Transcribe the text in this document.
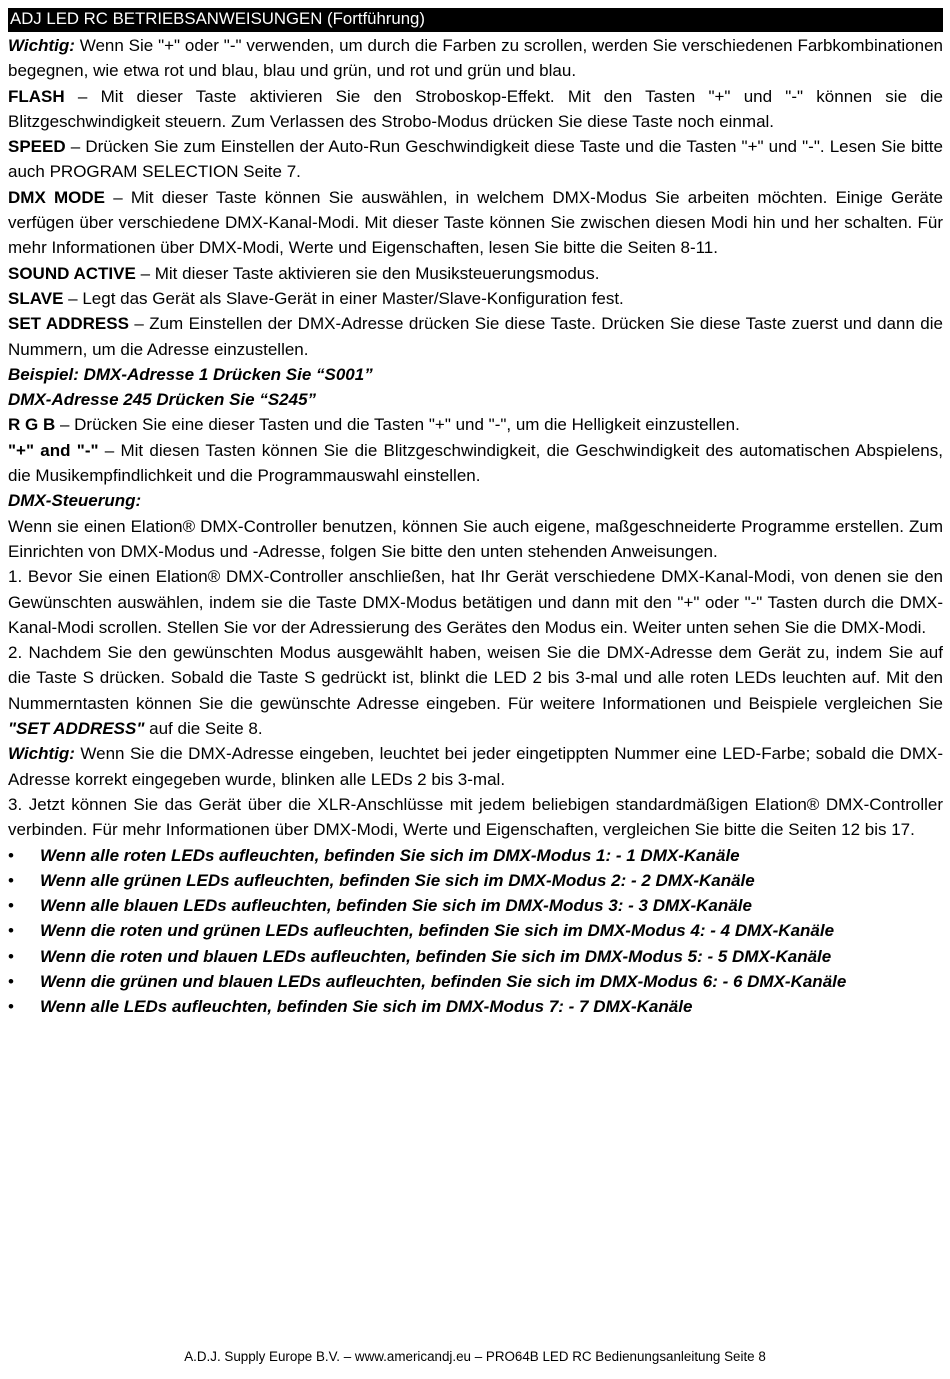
ADJ LED RC BETRIEBSANWEISUNGEN (Fortführung)

Wichtig: Wenn Sie "+" oder "-" verwenden, um durch die Farben zu scrollen, werden Sie verschiedenen Farbkombinationen begegnen, wie etwa rot und blau, blau und grün, und rot und grün und blau.

FLASH – Mit dieser Taste aktivieren Sie den Stroboskop-Effekt. Mit den Tasten "+" und "-" können sie die Blitzgeschwindigkeit steuern. Zum Verlassen des Strobo-Modus drücken Sie diese Taste noch einmal.

SPEED – Drücken Sie zum Einstellen der Auto-Run Geschwindigkeit diese Taste und die Tasten "+" und "-". Lesen Sie bitte auch PROGRAM SELECTION Seite 7.

DMX MODE – Mit dieser Taste können Sie auswählen, in welchem DMX-Modus Sie arbeiten möchten. Einige Geräte verfügen über verschiedene DMX-Kanal-Modi. Mit dieser Taste können Sie zwischen diesen Modi hin und her schalten. Für mehr Informationen über DMX-Modi, Werte und Eigenschaften, lesen Sie bitte die Seiten 8-11.

SOUND ACTIVE – Mit dieser Taste aktivieren sie den Musiksteuerungsmodus.

SLAVE – Legt das Gerät als Slave-Gerät in einer Master/Slave-Konfiguration fest.

SET ADDRESS – Zum Einstellen der DMX-Adresse drücken Sie diese Taste. Drücken Sie diese Taste zuerst und dann die Nummern, um die Adresse einzustellen.

Beispiel: DMX-Adresse 1 Drücken Sie “S001”

DMX-Adresse 245 Drücken Sie “S245”

R G B – Drücken Sie eine dieser Tasten und die Tasten "+" und "-", um die Helligkeit einzustellen.

"+" and "-" – Mit diesen Tasten können Sie die Blitzgeschwindigkeit, die Geschwindigkeit des automatischen Abspielens, die Musikempfindlichkeit und die Programmauswahl einstellen.

DMX-Steuerung:

Wenn sie einen Elation® DMX-Controller benutzen, können Sie auch eigene, maßgeschneiderte Programme erstellen. Zum Einrichten von DMX-Modus und -Adresse, folgen Sie bitte den unten stehenden Anweisungen.

1. Bevor Sie einen Elation® DMX-Controller anschließen, hat Ihr Gerät verschiedene DMX-Kanal-Modi, von denen sie den Gewünschten auswählen, indem sie die Taste DMX-Modus betätigen und dann mit den "+" oder "-" Tasten durch die DMX-Kanal-Modi scrollen. Stellen Sie vor der Adressierung des Gerätes den Modus ein. Weiter unten sehen Sie die DMX-Modi.

2. Nachdem Sie den gewünschten Modus ausgewählt haben, weisen Sie die DMX-Adresse dem Gerät zu, indem Sie auf die Taste S drücken. Sobald die Taste S gedrückt ist, blinkt die LED 2 bis 3-mal und alle roten LEDs leuchten auf. Mit den Nummerntasten können Sie die gewünschte Adresse eingeben. Für weitere Informationen und Beispiele vergleichen Sie "SET ADDRESS" auf die Seite 8.

Wichtig: Wenn Sie die DMX-Adresse eingeben, leuchtet bei jeder eingetippten Nummer eine LED-Farbe; sobald die DMX-Adresse korrekt eingegeben wurde, blinken alle LEDs 2 bis 3-mal.

3. Jetzt können Sie das Gerät über die XLR-Anschlüsse mit jedem beliebigen standardmäßigen Elation® DMX-Controller verbinden. Für mehr Informationen über DMX-Modi, Werte und Eigenschaften, vergleichen Sie bitte die Seiten 12 bis 17.

• Wenn alle roten LEDs aufleuchten, befinden Sie sich im DMX-Modus 1: - 1 DMX-Kanäle
• Wenn alle grünen LEDs aufleuchten, befinden Sie sich im DMX-Modus 2: - 2 DMX-Kanäle
• Wenn alle blauen LEDs aufleuchten, befinden Sie sich im DMX-Modus 3: - 3 DMX-Kanäle
• Wenn die roten und grünen LEDs aufleuchten, befinden Sie sich im DMX-Modus 4: - 4 DMX-Kanäle
• Wenn die roten und blauen LEDs aufleuchten, befinden Sie sich im DMX-Modus 5: - 5 DMX-Kanäle
• Wenn die grünen und blauen LEDs aufleuchten, befinden Sie sich im DMX-Modus 6: - 6 DMX-Kanäle
• Wenn alle LEDs aufleuchten, befinden Sie sich im DMX-Modus 7: - 7 DMX-Kanäle
A.D.J. Supply Europe B.V. – www.americandj.eu – PRO64B LED RC Bedienungsanleitung Seite 8
